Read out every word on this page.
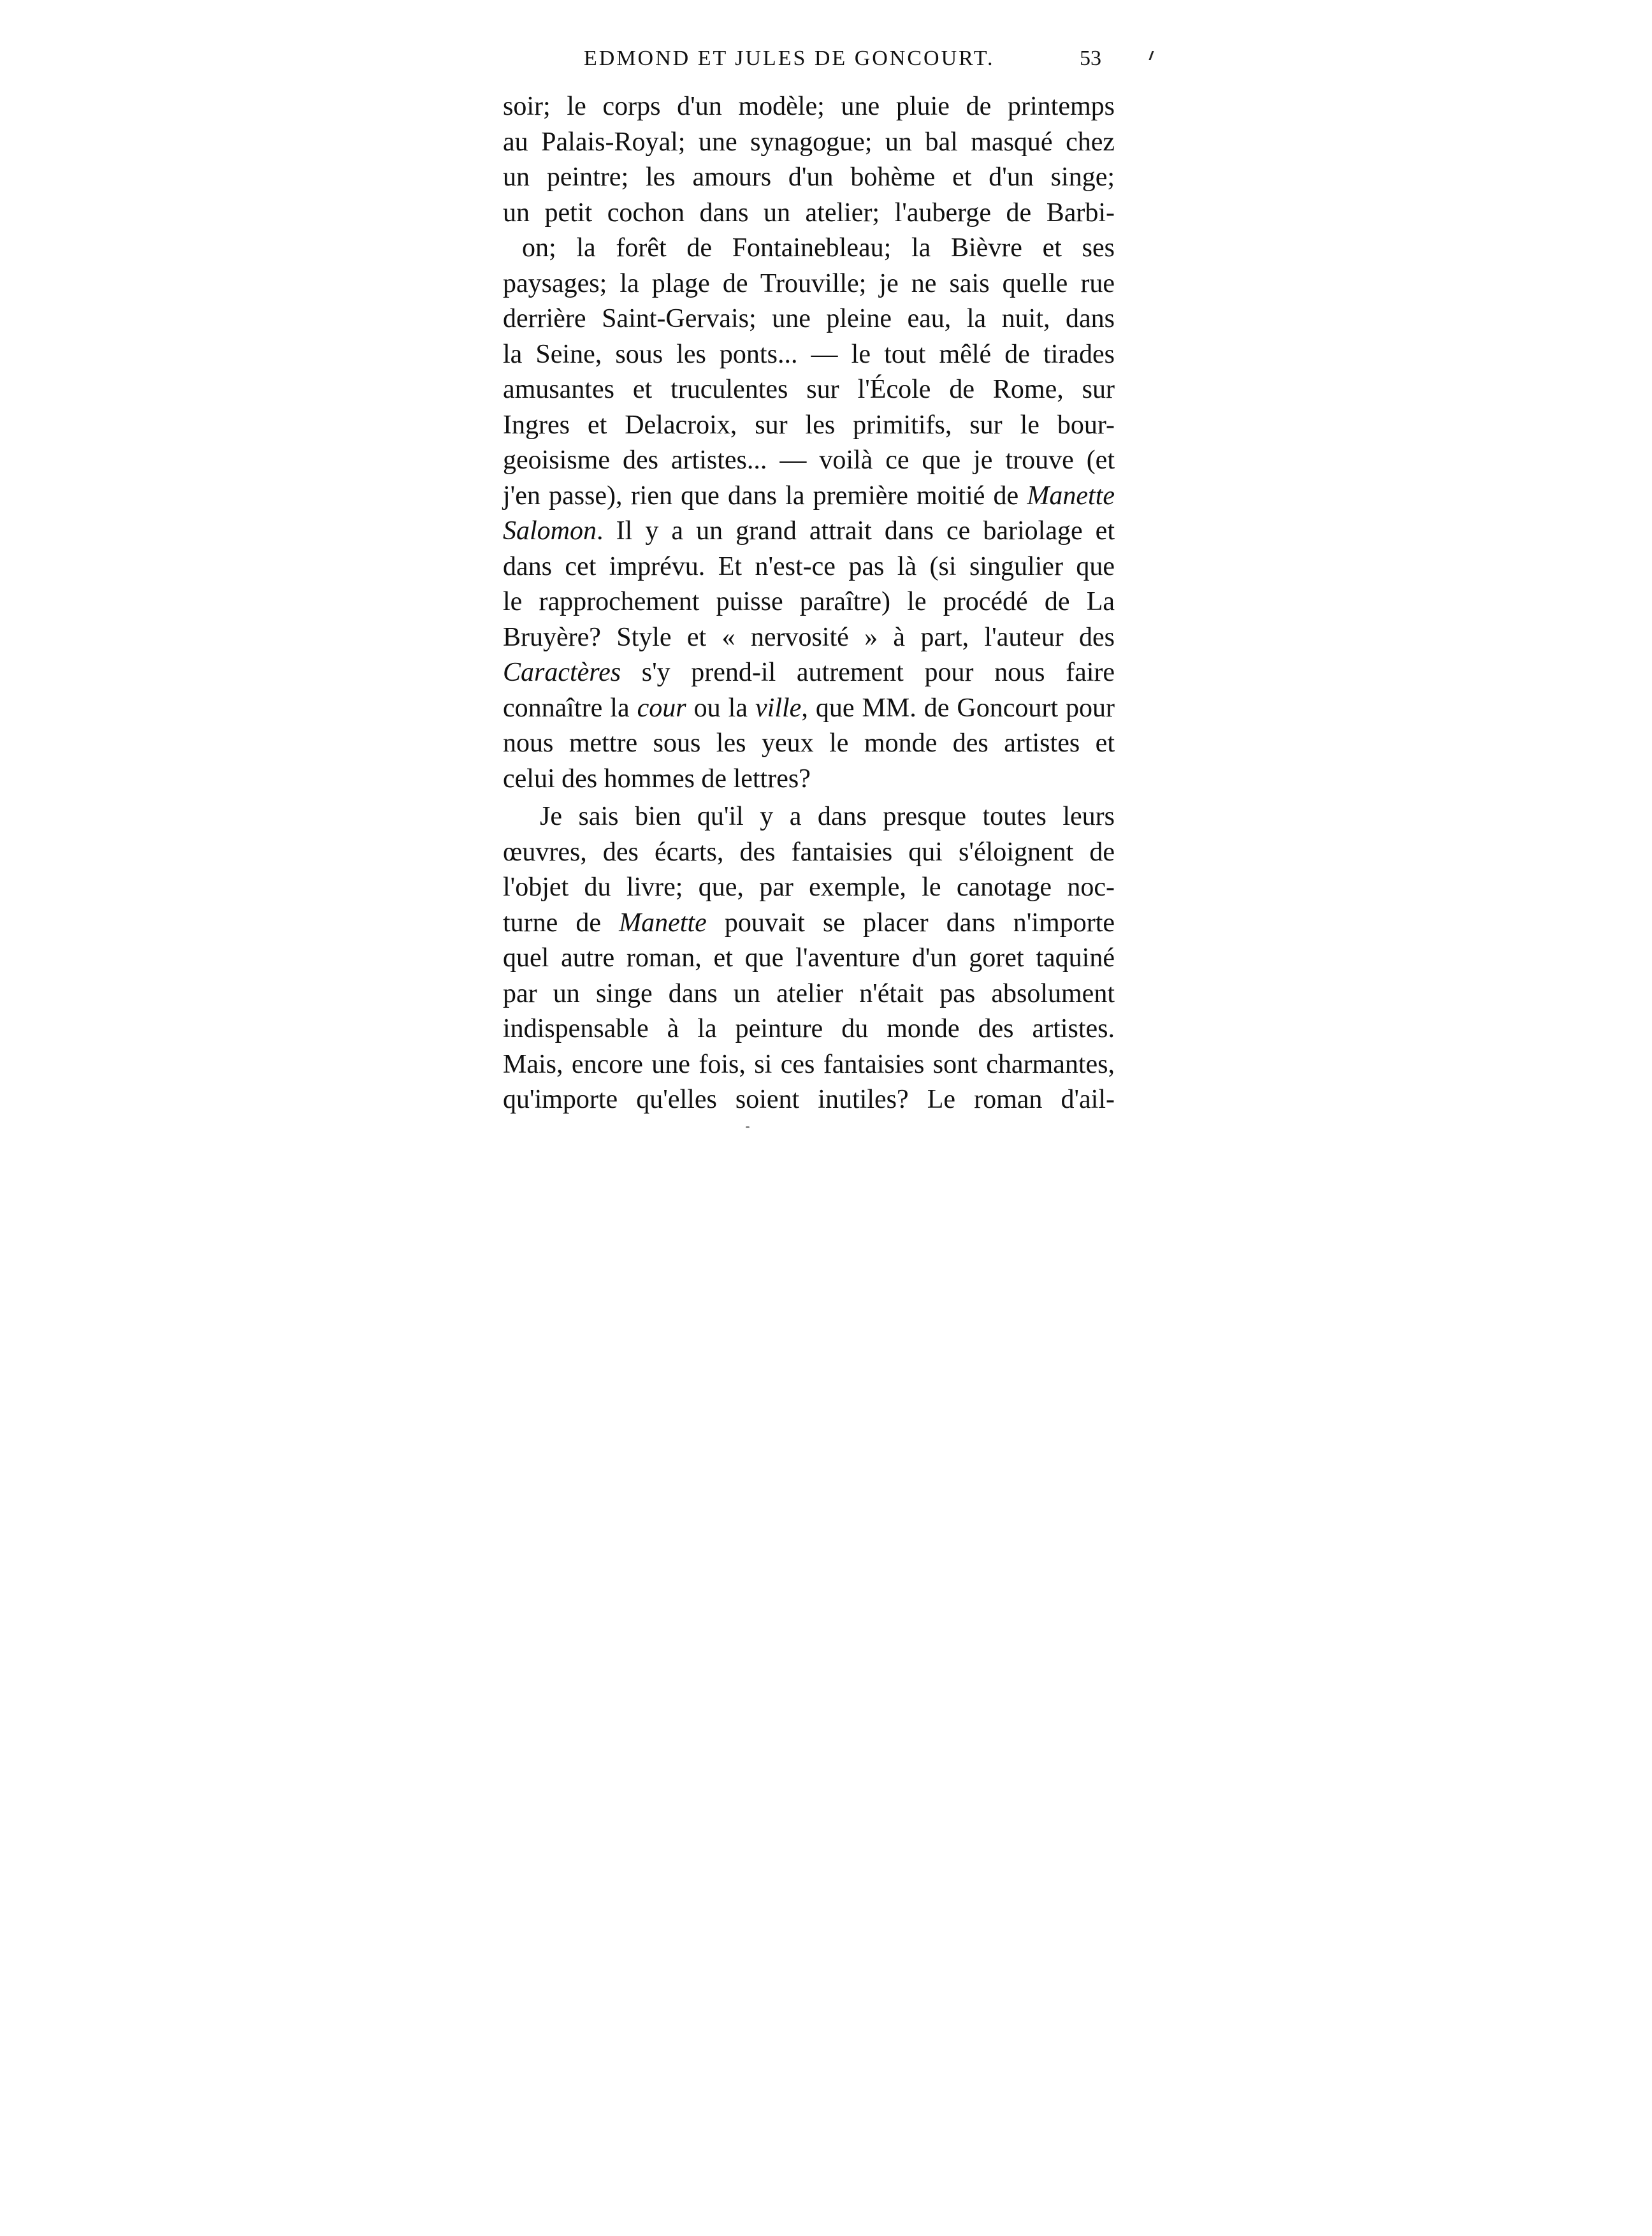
EDMOND ET JULES DE GONCOURT.	53
soir; le corps d'un modèle; une pluie de printemps
au Palais-Royal; une synagogue; un bal masqué chez
un peintre; les amours d'un bohème et d'un singe;
un petit cochon dans un atelier; l'auberge de Barbi-
on; la forêt de Fontainebleau; la Bièvre et ses
paysages; la plage de Trouville; je ne sais quelle rue
derrière Saint-Gervais; une pleine eau, la nuit, dans
la Seine, sous les ponts... — le tout mêlé de tirades
amusantes et truculentes sur l'École de Rome, sur
Ingres et Delacroix, sur les primitifs, sur le bour-
geoisisme des artistes... — voilà ce que je trouve (et
j'en passe), rien que dans la première moitié de Manette
Salomon. Il y a un grand attrait dans ce bariolage et
dans cet imprévu. Et n'est-ce pas là (si singulier que
le rapprochement puisse paraître) le procédé de La
Bruyère? Style et « nervosité » à part, l'auteur des
Caractères s'y prend-il autrement pour nous faire
connaître la cour ou la ville, que MM. de Goncourt pour
nous mettre sous les yeux le monde des artistes et
celui des hommes de lettres?
Je sais bien qu'il y a dans presque toutes leurs
œuvres, des écarts, des fantaisies qui s'éloignent de
l'objet du livre; que, par exemple, le canotage noc-
turne de Manette pouvait se placer dans n'importe
quel autre roman, et que l'aventure d'un goret taquiné
par un singe dans un atelier n'était pas absolument
indispensable à la peinture du monde des artistes.
Mais, encore une fois, si ces fantaisies sont charmantes,
qu'importe qu'elles soient inutiles? Le roman d'ail-
